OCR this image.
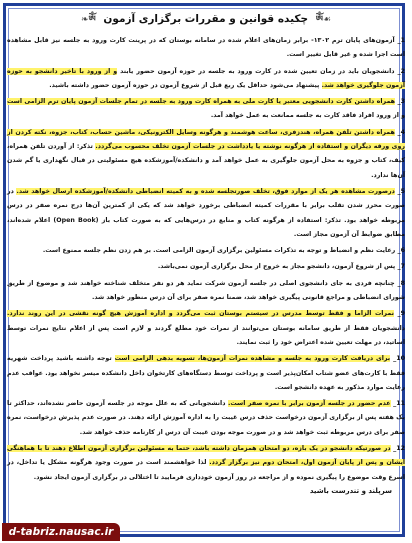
☙ༀ چکیده قوانین و مقررات برگزاری آزمون ༀ❧
1_ آزمون‌های پایان ترم ۱۳۰۲- برابر زمان‌های اعلام شده در سامانه بوستان که در پرینت کارت ورود به جلسه نیز قابل مشاهده است اجرا شده و غیر قابل تغییر است.
2_ دانشجویان باید در زمان تعیین شده در کارت ورود به جلسه در حوزه آزمون حضور یابند و از ورود با تاخیر دانشجو به حوزه آزمون جلوگیری خواهد شد. پیشنهاد می‌شود حداقل یک ربع قبل از شروع آزمون در حوزه آزمون حضور داشته باشید.
3_ همراه داشتن کارت دانشجویی معتبر یا کارت ملی به همراه کارت ورود به جلسه در تمام جلسات آزمون پایان ترم الزامی است و از ورود افراد فاقد کارت به جلسه ممانعت به عمل خواهد آمد.
4_ همراه داشتن تلفن همراه، هندزفری، ساعت هوشمند و هرگونه وسایل الکترونیکی، ماشین حساب، کتاب، جزوه، نکته کردن از روی ورقه دیگران و استفاده از هرگونه نوشته یا یادداشت در جلسات آزمون تخلف محسوب می‌گردد. تذکر: از آوردن تلفن همراه، کیف، کتاب و جزوه به محل آزمون جلوگیری به عمل خواهد آمد و دانشکده/آموزشکده هیچ مسئولیتی در قبال نگهداری یا گم شدن آن‌ها ندارد.
5_ درصورت مشاهده هر یک از موارد فوق، تخلف صورتجلسه شده و به کمیته انضباطی دانشکده/آموزشکده ارسال خواهد شد. در صورت محرز شدن تقلب برابر با مقررات کمیته انضباطی برخورد خواهد شد که یکی از کمترین آن‌ها درج نمره صفر در درس مربوطه خواهد بود. تذکر: استفاده از هرگونه کتاب و منابع در درس‌هایی که به صورت کتاب باز (Open Book) اعلام شده‌اند، مطابق ضوابط آن آزمون مجاز است.
6_ رعایت نظم و انضباط و توجه به تذکرات مسئولین برگزاری آزمون الزامی است. بر هم زدن نظم جلسه ممنوع است.
7_ پس از شروع آزمون، دانشجو مجاز به خروج از محل برگزاری آزمون نمی‌باشد.
8_ چنانچه فردی به جای دانشجوی اصلی در جلسه آزمون شرکت نماید هر دو نفر متخلف شناخته خواهند شد و موضوع از طریق شورای انضباطی و مراجع قانونی پیگیری خواهد شد، ضمنا نمره صفر برای آن درس منظور خواهد شد.
9_ نمرات الزاما و فقط توسط مدرس در سیستم بوستان ثبت می‌گردد و اداره آموزش هیچ گونه نقشی در این روند ندارد. دانشجویان فقط از طریق سامانه بوستان می‌توانند از نمرات خود مطلع گردند و لازم است پس از اعلام نتایج نمرات توسط اساتید، در مهلت تعیین شده اعتراض خود را ثبت نمایند.
10_ برای دریافت کارت ورود به جلسه و مشاهده نمرات آزمون‌ها، تسویه بدهی الزامی است توجه داشته باشید پرداخت شهریه فقط با کارت‌های عضو شتاب امکان‌پذیر است و پرداخت توسط دستگاه‌های کارتخوان داخل دانشکده میسر نخواهد بود. عواقب عدم رعایت موارد مذکور به عهده دانشجو است.
11_ عدم حضور در جلسه آزمون برابر با نمره صفر است. دانشجویانی که به علل موجه در جلسه آزمون حاضر نشده‌اند، حداکثر تا یک هفته پس از برگزاری آزمون درخواست حذف درس غیبت را به اداره آموزش ارائه دهند. در صورت عدم پذیرش درخواست، نمره صفر برای درس مربوطه ثبت خواهد شد و در صورت موجه بودن غیبت آن درس از کارنامه حذف خواهد شد.
12_ در صورتیکه دانشجو در یک بازه، دو امتحان همزمان داشته باشد، حتما به مسئولین برگزاری آزمون اطلاع دهند تا با هماهنگی ایشان و پس از پایان آزمون اول، امتحان دوم نیز برگزار گردد. لذا خواهشمند است در صورت وجود هرگونه مشکل یا تداخل، در اسرع وقت موضوع را پیگیری نموده و از مراجعه در روز آزمون خودداری فرمایید تا اختلالی در برگزاری آزمون ایجاد نشود.
سرپلند و تندرست باشید
d-tabriz.nausac.ir
